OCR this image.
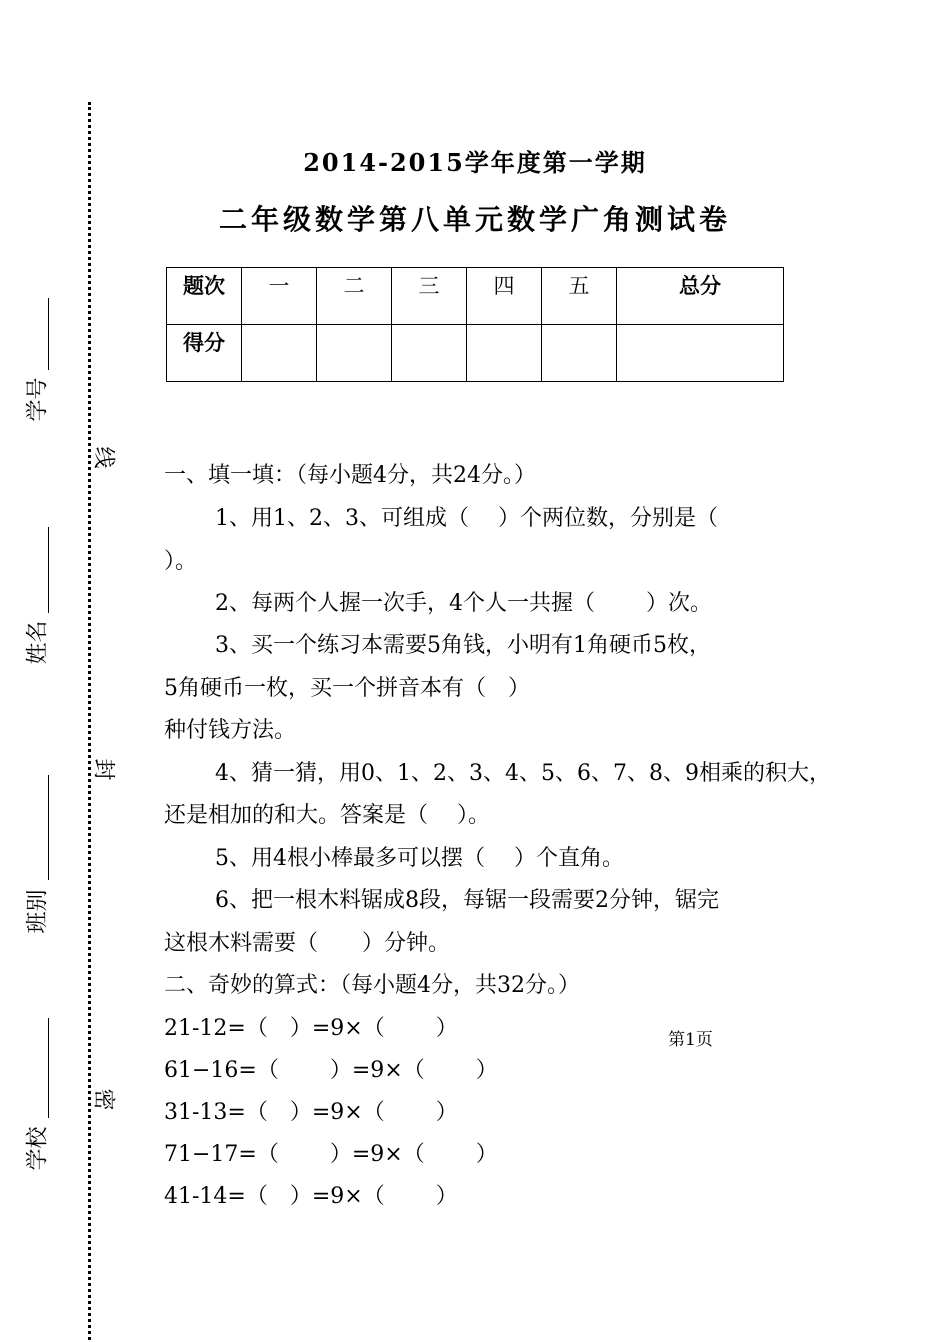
学号
姓名
班别
学校
线
封
密
2014-2015学年度第一学期
二年级数学第八单元数学广角测试卷
题次	一	二	三	四	五	总分
得分						
一、填一填：（每小题4分，共24分。）
1、用1、2、3、可组成（　 ）个两位数，分别是（
）。
2、每两个人握一次手，4个人一共握（　　 ）次。
3、买一个练习本需要5角钱，小明有1角硬币5枚，
5角硬币一枚，买一个拼音本有（　）
种付钱方法。
4、猜一猜，用0、1、2、3、4、5、6、7、8、9相乘的积大，
还是相加的和大。答案是（　 ）。
5、用4根小棒最多可以摆（　 ）个直角。
6、把一根木料锯成8段，每锯一段需要2分钟，锯完
这根木料需要（　　）分钟。
二、奇妙的算式：（每小题4分，共32分。）
21-12=（　）=9×（　　 ）
61−16=（　　 ）=9×（　　 ）
31-13=（　）=9×（　　 ）
71−17=（　　 ）=9×（　　 ）
41-14=（　）=9×（　　 ）
第1页
